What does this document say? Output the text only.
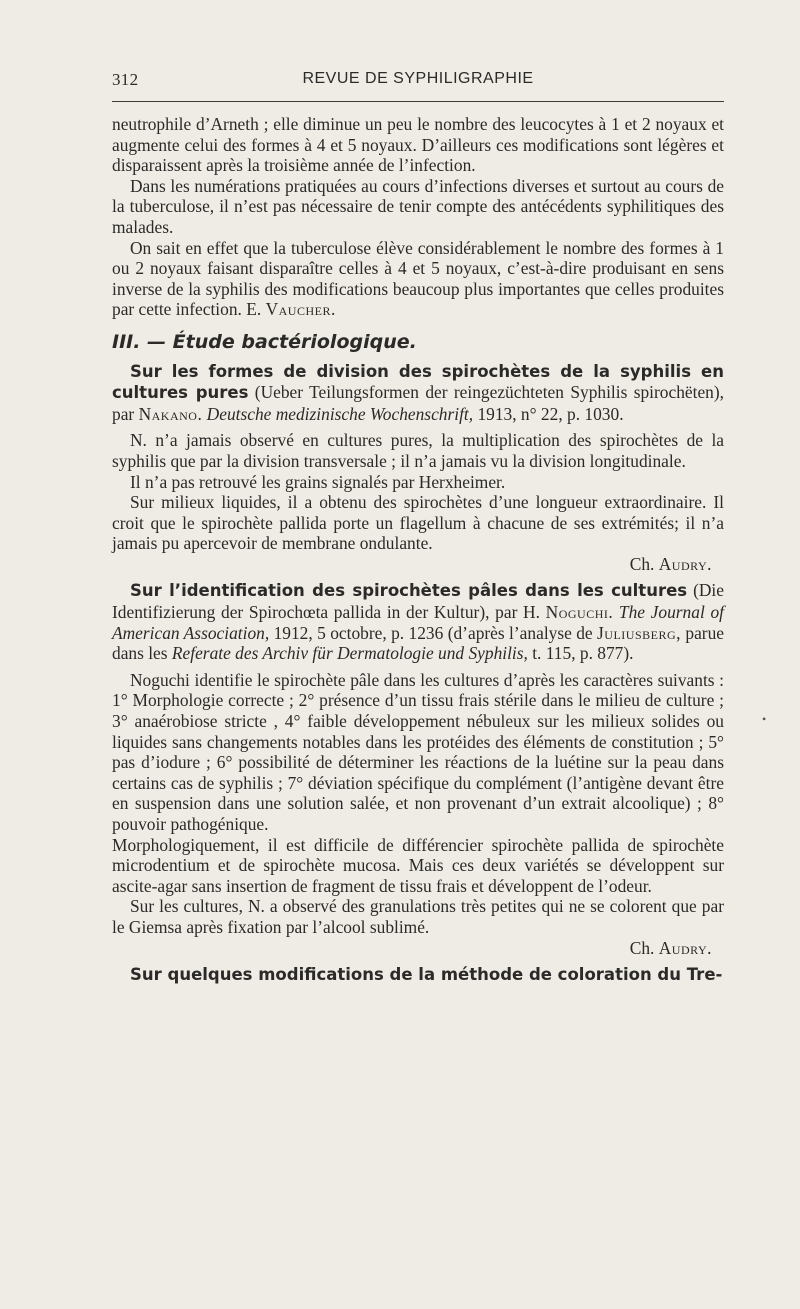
312	REVUE DE SYPHILIGRAPHIE
•

neutrophile d’Arneth ; elle diminue un peu le nombre des leucocytes à 1 et 2 noyaux et augmente celui des formes à 4 et 5 noyaux. D’ailleurs ces modifications sont légères et disparaissent après la troisième année de l’infection.

Dans les numérations pratiquées au cours d’infections diverses et surtout au cours de la tuberculose, il n’est pas nécessaire de tenir compte des antécédents syphilitiques des malades.

On sait en effet que la tuberculose élève considérablement le nombre des formes à 1 ou 2 noyaux faisant disparaître celles à 4 et 5 noyaux, c’est-à-dire produisant en sens inverse de la syphilis des modifications beaucoup plus importantes que celles produites par cette infection. E. Vaucher.

III. — Étude bactériologique.

Sur les formes de division des spirochètes de la syphilis en cultures pures (Ueber Teilungsformen der reingezüchteten Syphilis spirochëten), par Nakano. Deutsche medizinische Wochenschrift, 1913, n° 22, p. 1030.

N. n’a jamais observé en cultures pures, la multiplication des spirochètes de la syphilis que par la division transversale ; il n’a jamais vu la division longitudinale.

Il n’a pas retrouvé les grains signalés par Herxheimer.

Sur milieux liquides, il a obtenu des spirochètes d’une longueur extraordinaire. Il croit que le spirochète pallida porte un flagellum à chacune de ses extrémités; il n’a jamais pu apercevoir de membrane ondulante.

Ch. Audry.

Sur l’identification des spirochètes pâles dans les cultures (Die Identifizierung der Spirochœta pallida in der Kultur), par H. Noguchi. The Journal of American Association, 1912, 5 octobre, p. 1236 (d’après l’analyse de Juliusberg, parue dans les Referate des Archiv für Dermatologie und Syphilis, t. 115, p. 877).

Noguchi identifie le spirochète pâle dans les cultures d’après les caractères suivants : 1° Morphologie correcte ; 2° présence d’un tissu frais stérile dans le milieu de culture ; 3° anaérobiose stricte , 4° faible développement nébuleux sur les milieux solides ou liquides sans changements notables dans les protéides des éléments de constitution ; 5° pas d’iodure ; 6° possibilité de déterminer les réactions de la luétine sur la peau dans certains cas de syphilis ; 7° déviation spécifique du complément (l’antigène devant être en suspension dans une solution salée, et non provenant d’un extrait alcoolique) ; 8° pouvoir pathogénique.

Morphologiquement, il est difficile de différencier spirochète pallida de spirochète microdentium et de spirochète mucosa. Mais ces deux variétés se développent sur ascite-agar sans insertion de fragment de tissu frais et développent de l’odeur.

Sur les cultures, N. a observé des granulations très petites qui ne se colorent que par le Giemsa après fixation par l’alcool sublimé.

Ch. Audry.

Sur quelques modifications de la méthode de coloration du Tre-
